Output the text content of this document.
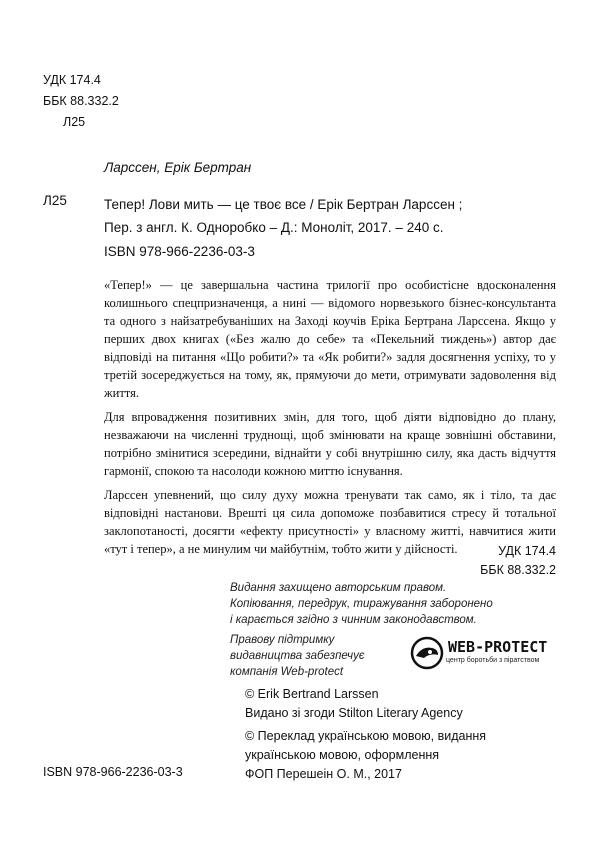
УДК 174.4
ББК 88.332.2
Л25
Ларссен, Ерік Бертран
Л25	Тепер! Лови мить — це твоє все / Ерік Бертран Ларссен ;
Пер. з англ. К. Одноробко – Д.: Моноліт, 2017. – 240 с.
ISBN 978-966-2236-03-3

«Тепер!» — це завершальна частина трилогії про особистісне вдосконалення колишнього спецпризначенця, а нині — відомого норвезького бізнес-консультанта та одного з найзатребуваніших на Заході коучів Еріка Бертрана Ларссена. Якщо у перших двох книгах («Без жалю до себе» та «Пекельний тиждень») автор дає відповіді на питання «Що робити?» та «Як робити?» задля досягнення успіху, то у третій зосереджується на тому, як, прямуючи до мети, отримувати задоволення від життя.

Для впровадження позитивних змін, для того, щоб діяти відповідно до плану, незважаючи на численні труднощі, щоб змінювати на краще зовнішні обставини, потрібно змінитися зсередини, віднайти у собі внутрішню силу, яка дасть відчуття гармонії, спокою та насолоди кожною миттю існування.

Ларссен упевнений, що силу духу можна тренувати так само, як і тіло, та дає відповідні настанови. Врешті ця сила допоможе позбавитися стресу й тотальної заклопотаності, досягти «ефекту присутності» у власному житті, навчитися жити «тут і тепер», а не минулим чи майбутнім, тобто жити у дійсності.	УДК 174.4
ББК 88.332.2
Видання захищено авторським правом.
Копіювання, передрук, тиражування заборонено
і карається згідно з чинним законодавством.
Правову підтримку
видавництва забезпечує
компанія Web-protect
WEB-PROTECT
центр боротьби з піратством
© Erik Bertrand Larssen
Видано зі згоди Stilton Literary Agency
© Переклад українською мовою, видання
українською мовою, оформлення
ФОП Перешеін О. М., 2017
ISBN 978-966-2236-03-3
